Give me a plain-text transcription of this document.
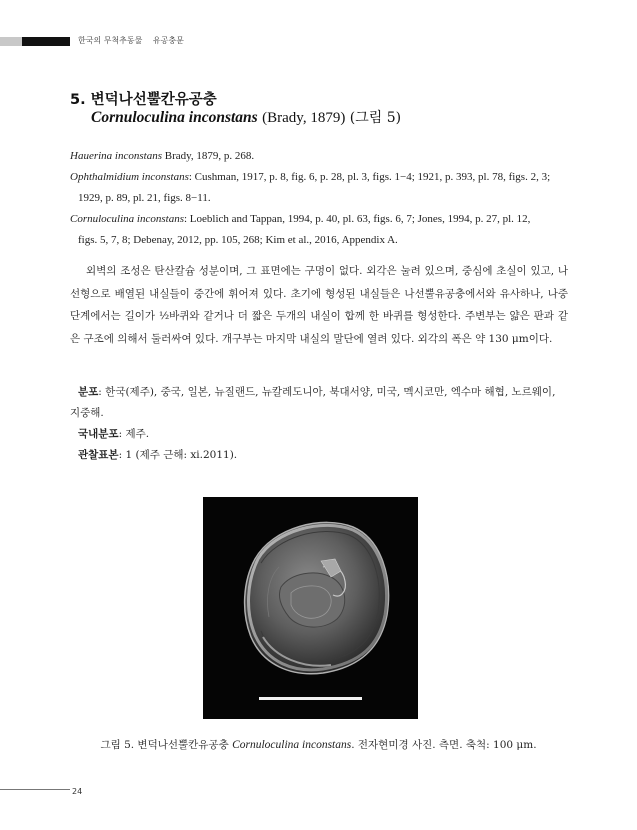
한국의 무척추동물 유공충문
5. 변덕나선뿔칸유공충
Cornuloculina inconstans (Brady, 1879) (그림 5)
Hauerina inconstans Brady, 1879, p. 268.
Ophthalmidium inconstans: Cushman, 1917, p. 8, fig. 6, p. 28, pl. 3, figs. 1−4; 1921, p. 393, pl. 78, figs. 2, 3;
1929, p. 89, pl. 21, figs. 8−11.
Cornuloculina inconstans: Loeblich and Tappan, 1994, p. 40, pl. 63, figs. 6, 7; Jones, 1994, p. 27, pl. 12,
figs. 5, 7, 8; Debenay, 2012, pp. 105, 268; Kim et al., 2016, Appendix A.

외벽의 조성은 탄산칼슘 성분이며, 그 표면에는 구멍이 없다. 외각은 눌려 있으며, 중심에 초실이 있고, 나선형으로 배열된 내실들이 중간에 휘어져 있다. 초기에 형성된 내실들은 나선뿔유공충에서와 유사하나, 나중 단계에서는 길이가 ½바퀴와 같거나 더 짧은 두개의 내실이 합께 한 바퀴를 형성한다. 주변부는 얇은 판과 같은 구조에 의해서 둘러싸여 있다. 개구부는 마지막 내실의 말단에 열려 있다. 외각의 폭은 약 130 μm이다.

분포: 한국(제주), 중국, 일본, 뉴질랜드, 뉴칼레도니아, 북대서양, 미국, 멕시코만, 엑수마 해협, 노르웨이,
지중해.
국내분포: 제주.
관찰표본: 1 (제주 근해: xi.2011).
그림 5. 변덕나선뿔칸유공충 Cornuloculina inconstans. 전자현미경 사진. 측면. 축척: 100 μm.
24
